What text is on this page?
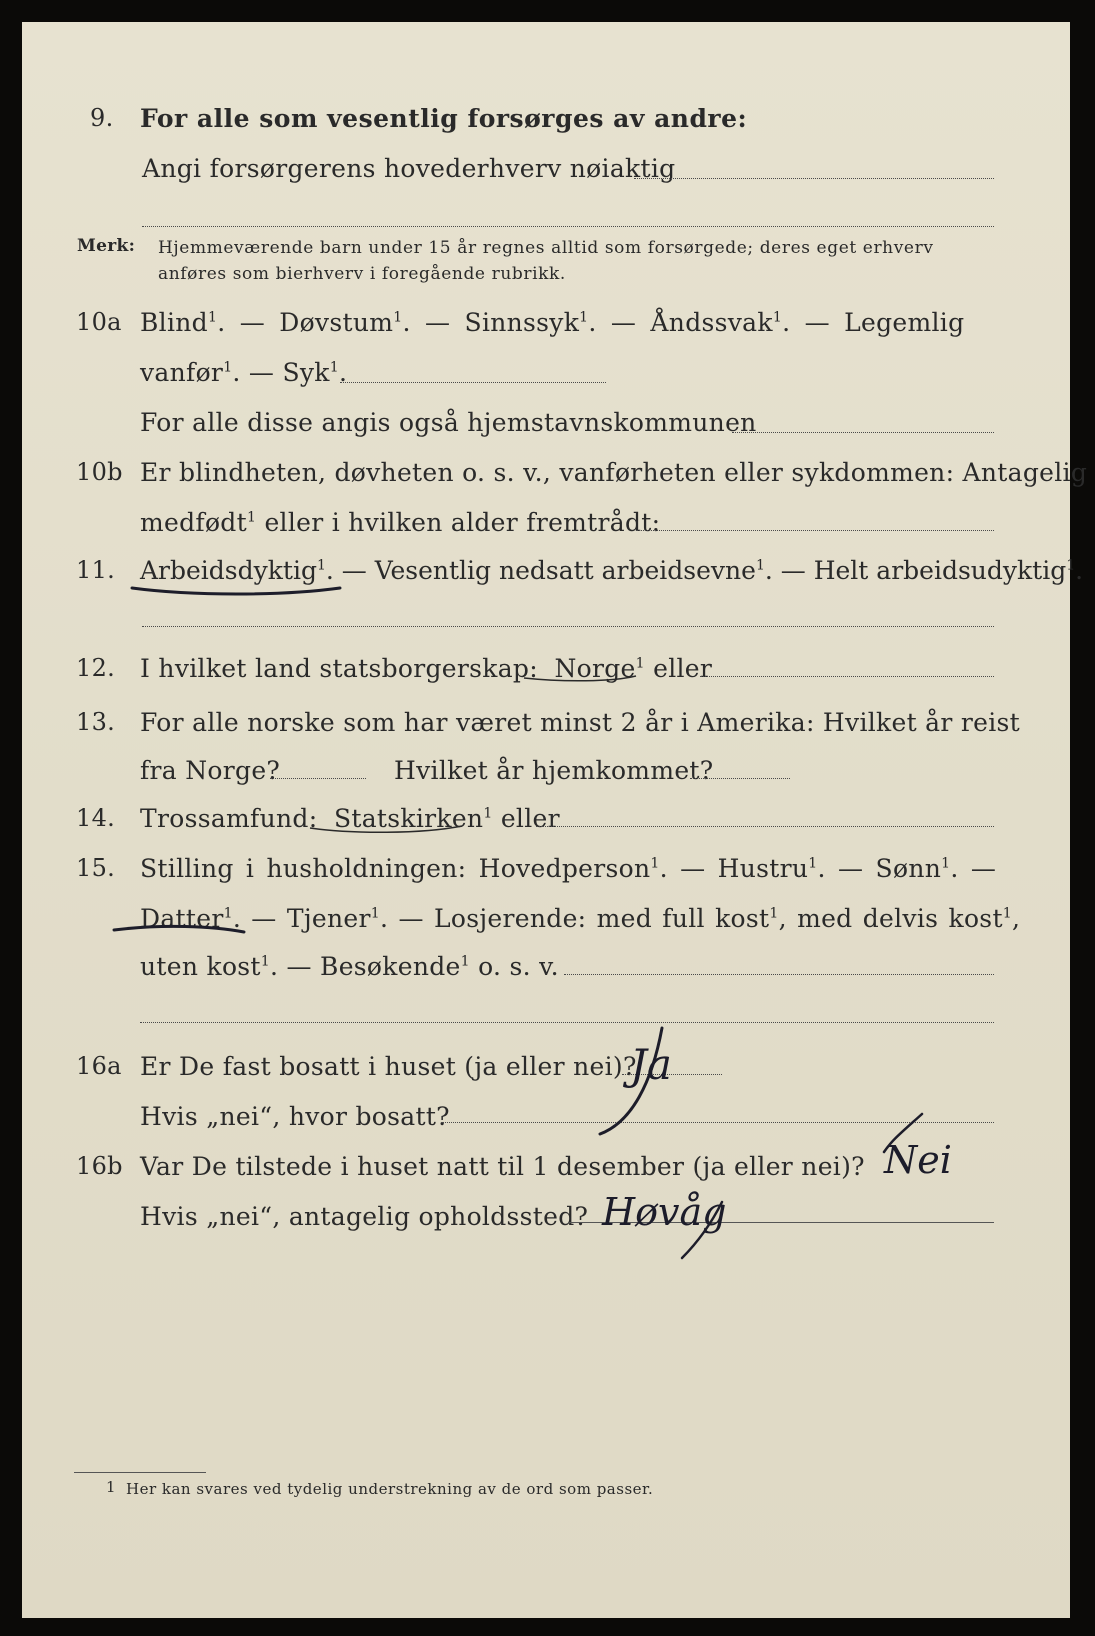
9. For alle som vesentlig forsørges av andre:
Angi forsørgerens hovederhverv nøiaktig
Merk: Hjemmeværende barn under 15 år regnes alltid som forsørgede; deres eget erhverv
anføres som bierhverv i foregående rubrikk.
10a Blind$^1$. — Døvstum$^1$. — Sinnssyk$^1$. — Åndssvak$^1$. — Legemlig
vanfør$^1$. — Syk$^1$.
For alle disse angis også hjemstavnskommunen
10b Er blindheten, døvheten o. s. v., vanførheten eller sykdommen: Antagelig
medfødt$^1$ eller i hvilken alder fremtrådt:
11. Arbeidsdyktig$^1$. — Vesentlig nedsatt arbeidsevne$^1$. — Helt arbeidsudyktig$^1$.
12. I hvilket land statsborgerskap: Norge$^1$ eller
13. For alle norske som har været minst 2 år i Amerika: Hvilket år reist
fra Norge?	Hvilket år hjemkommet?
14. Trossamfund: Statskirken$^1$ eller
15. Stilling i husholdningen: Hovedperson$^1$. — Hustru$^1$. — Sønn$^1$. —
Datter$^1$. — Tjener$^1$. — Losjerende: med full kost$^1$, med delvis kost$^1$,
uten kost$^1$. — Besøkende$^1$ o. s. v.
16a Er De fast bosatt i huset (ja eller nei)?
Hvis „nei“, hvor bosatt?
16b Var De tilstede i huset natt til 1 desember (ja eller nei)?
Hvis „nei“, antagelig opholdssted?
Ja
Nei
Høvåg
1 Her kan svares ved tydelig understrekning av de ord som passer.
